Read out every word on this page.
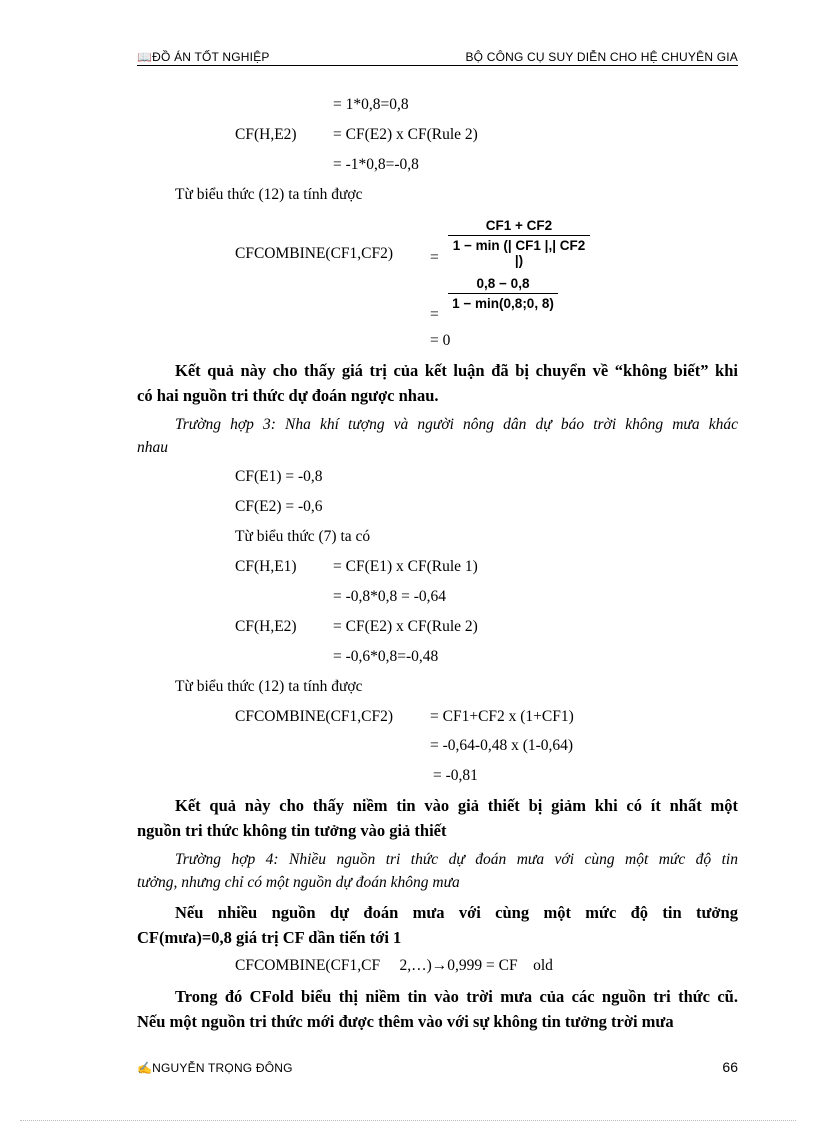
📖ĐỒ ÁN TỐT NGHIỆP	BỘ CÔNG CỤ SUY DIỄN CHO HỆ CHUYÊN GIA
= 1*0,8=0,8
CF(H,E2) = CF(E2) x CF(Rule 2)
= -1*0,8=-0,8
Từ biểu thức (12) ta tính được
CFCOMBINE(CF1,CF2) =
CF1 + CF2
1 − min (| CF1 |,| CF2 |)
=
0,8 − 0,8
1 − min(0,8;0, 8)
= 0
Kết quả này cho thấy giá trị của kết luận đã bị chuyển về “không biết” khi
có hai nguồn tri thức dự đoán ngược nhau.
Trường hợp 3: Nha khí tượng và người nông dân dự báo trời không mưa khác
nhau
CF(E1) = -0,8
CF(E2) = -0,6
Từ biểu thức (7) ta có
CF(H,E1) = CF(E1) x CF(Rule 1)
= -0,8*0,8 = -0,64
CF(H,E2) = CF(E2) x CF(Rule 2)
= -0,6*0,8=-0,48
Từ biểu thức (12) ta tính được
CFCOMBINE(CF1,CF2) = CF1+CF2 x (1+CF1)
= -0,64-0,48 x (1-0,64)
= -0,81
Kết quả này cho thấy niềm tin vào giả thiết bị giảm khi có ít nhất một
nguồn tri thức không tin tưởng vào giả thiết
Trường hợp 4: Nhiều nguồn tri thức dự đoán mưa với cùng một mức độ tin
tưởng, nhưng chỉ có một nguồn dự đoán không mưa
Nếu nhiều nguồn dự đoán mưa với cùng một mức độ tin tưởng
CF(mưa)=0,8 giá trị CF dần tiến tới 1
CFCOMBINE(CF1,CF     2,…)→0,999 = CF    old
Trong đó CFold biểu thị niềm tin vào trời mưa của các nguồn tri thức cũ.
Nếu một nguồn tri thức mới được thêm vào với sự không tin tưởng trời mưa
✍NGUYỄN TRỌNG ĐÔNG	66
